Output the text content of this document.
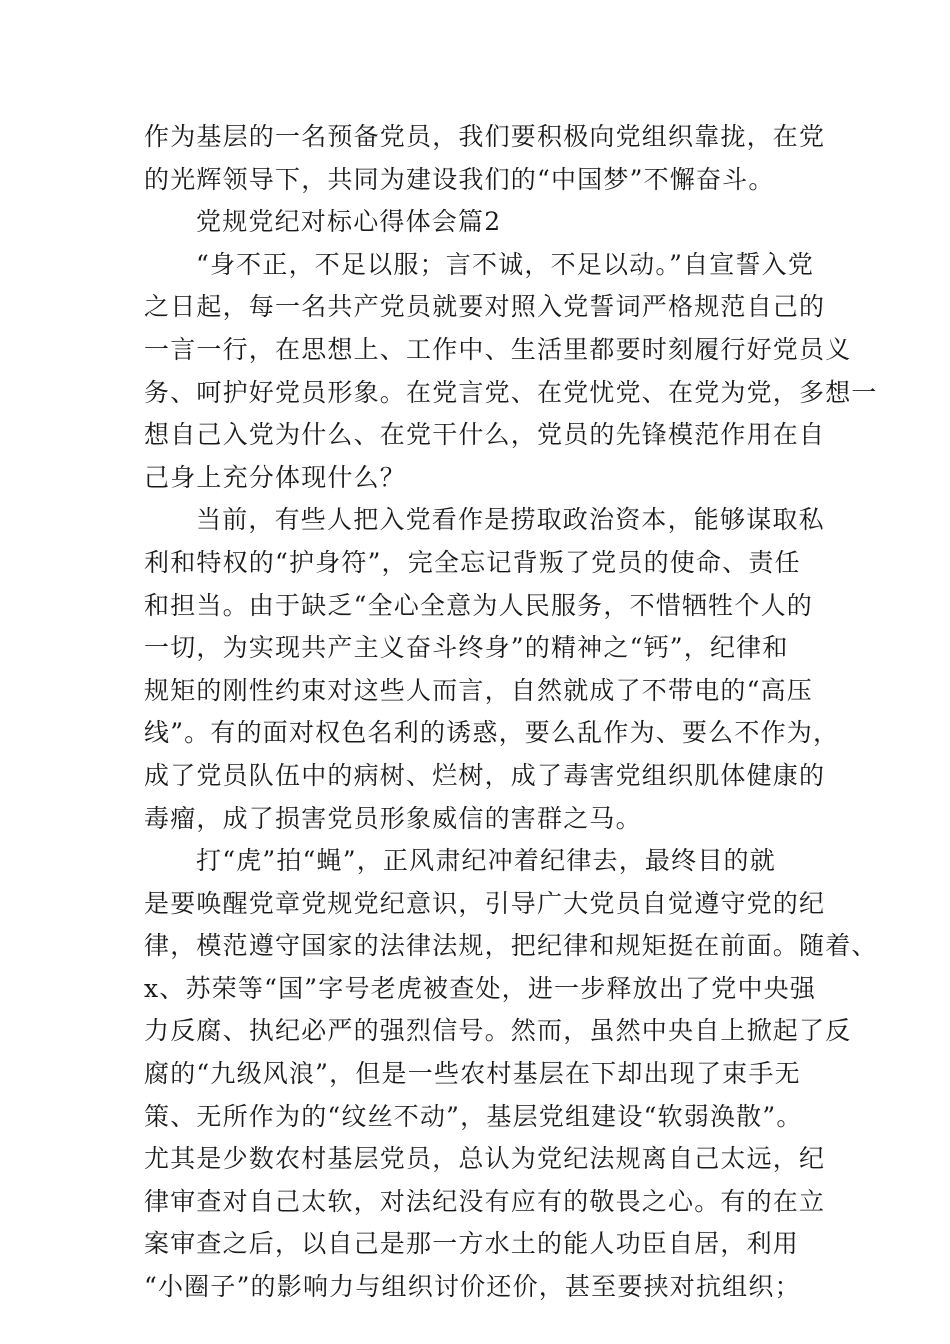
作为基层的一名预备党员，我们要积极向党组织靠拢，在党
的光辉领导下，共同为建设我们的“中国梦”不懈奋斗。
党规党纪对标心得体会篇2
“身不正，不足以服；言不诚，不足以动。”自宣誓入党
之日起，每一名共产党员就要对照入党誓词严格规范自己的
一言一行，在思想上、工作中、生活里都要时刻履行好党员义
务、呵护好党员形象。在党言党、在党忧党、在党为党，多想一
想自己入党为什么、在党干什么，党员的先锋模范作用在自
己身上充分体现什么？
当前，有些人把入党看作是捞取政治资本，能够谋取私
利和特权的“护身符”，完全忘记背叛了党员的使命、责任
和担当。由于缺乏“全心全意为人民服务，不惜牺牲个人的
一切，为实现共产主义奋斗终身”的精神之“钙”，纪律和
规矩的刚性约束对这些人而言，自然就成了不带电的“高压
线”。有的面对权色名利的诱惑，要么乱作为、要么不作为，
成了党员队伍中的病树、烂树，成了毒害党组织肌体健康的
毒瘤，成了损害党员形象威信的害群之马。
打“虎”拍“蝇”，正风肃纪冲着纪律去，最终目的就
是要唤醒党章党规党纪意识，引导广大党员自觉遵守党的纪
律，模范遵守国家的法律法规，把纪律和规矩挺在前面。随着、
x、苏荣等“国”字号老虎被查处，进一步释放出了党中央强
力反腐、执纪必严的强烈信号。然而，虽然中央自上掀起了反
腐的“九级风浪”，但是一些农村基层在下却出现了束手无
策、无所作为的“纹丝不动”，基层党组建设“软弱涣散”。
尤其是少数农村基层党员，总认为党纪法规离自己太远，纪
律审查对自己太软，对法纪没有应有的敬畏之心。有的在立
案审查之后，以自己是那一方水土的能人功臣自居，利用
“小圈子”的影响力与组织讨价还价，甚至要挟对抗组织；
